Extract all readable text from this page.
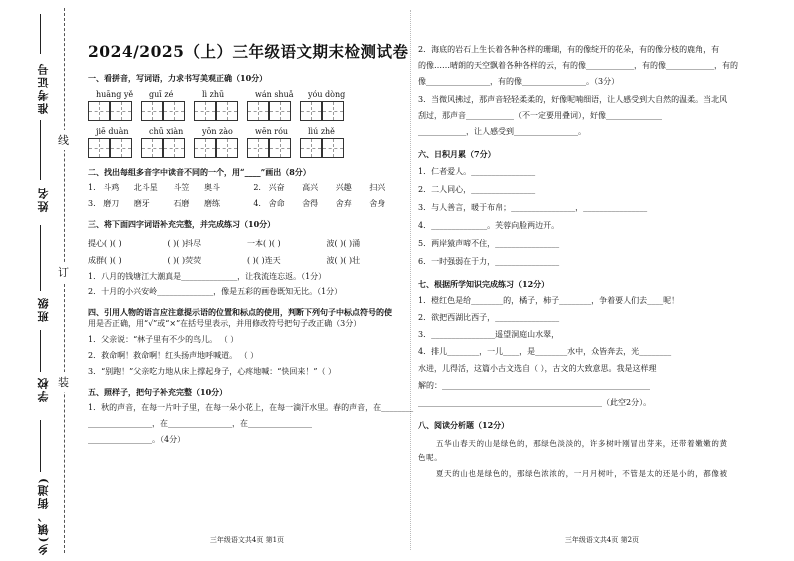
准考证号
姓名
班级
学校
乡(镇、街道)
线
订
装
2024/2025（上）三年级语文期末检测试卷
一、看拼音，写词语，力求书写美观正确（10分）
huāng yě	guī zé	lì zhū	wán shuǎ	yóu dòng
jiē duàn	chū xiàn	yōn zào	wēn róu	lìú zhě
二、找出每组多音字中读音不同的一个，用“____”画出（8分）
1. 斗鸡	北斗星	斗笠	奥斗	2. 兴奋	高兴	兴趣	扫兴
3. 磨刀	磨牙	石磨	磨练	4. 舍命	舍得	舍弃	舍身
三、将下面四字词语补充完整，并完成练习（10分）
提心( )( )	( )( )抖尽	一本( )( )	波( )( )涌
成群( )( )	( )( )荧荧	( )( )连天	波( )( )壮
1．八月的钱塘江大潮真是______________，让我流连忘返。（1分）
2．十月的小兴安岭______________，像是五彩的画卷既知无比。（1分）
四、引用人物的语言应注意提示语的位置和标点的使用，判断下列句子中标点符号的使
用是否正确，用“√”或“×”在括号里表示，并用修改符号把句子改正确（3分）
1．父亲说：“林子里有不少的鸟儿。 （ ）
2．救命啊！救命啊！红头扬声地呼喊道。 （ ）
3．“别跑！”父亲吃力地从床上撑起身子，心疼地喊：“快回来！”（ ）
五、照样子，把句子补充完整（10分）
1．秋的声音，在每一片叶子里，在每一朵小花上，在每一滴汗水里。春的声音，在________
________________，在________________，在________________
________________。（4分）
三年级语文共4页 第1页
2．海底的岩石上生长着各种各样的珊瑚，有的像绽开的花朵，有的像分枝的鹿角，有
的像……晴朗的天空飘着各种各样的云，有的像____________，有的像____________，有的
像________________，有的像________________。（3分）
3．当微风拂过，那声音轻轻柔柔的，好像呢喃细语，让人感受到大自然的温柔。当北风
刮过，那声音____________（不一定要用叠词），好像______________
____________，让人感受到________________。
六、日积月累（7分）
1．仁者爱人。________________
2．二人同心，________________
3．与人善言，暖于布帛；________________，________________
4．______________。芙蓉向脸两边开。
5．两岸猿声啼不住，________________
6．一时强弱在于力，________________
七、根据所学知识完成练习（12分）
1．橙红色是给________的，橘子，柿子________，争着要人们去____呢！
2．欲把西湖比西子，________________
3．________________遥望洞庭山水翠，
4．排儿________，一儿____，是________水中，众皆奔去，光________
水进，儿得活，这篇小古文选自（ ），古文的大致意思。我是这样理
解的：____________________________________________________
______________________________________________（此空2分）。
八、阅读分析题（12分）
五华山春天的山是绿色的，那绿色淡淡的，许多树叶刚冒出芽来，还带着嫩嫩的黄
色呢。
夏天的山也是绿色的，那绿色浓浓的，一月月树叶，不管是太的还是小的，都像被
三年级语文共4页 第2页
